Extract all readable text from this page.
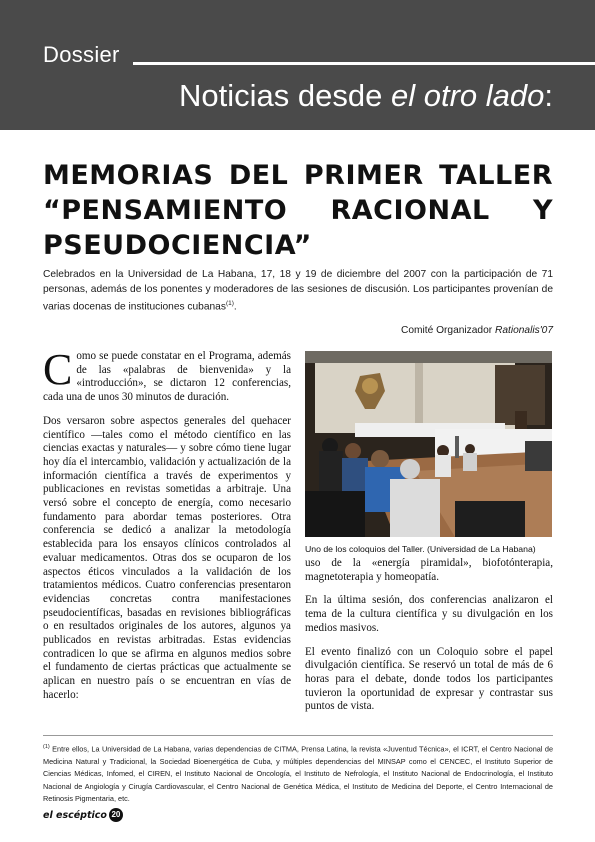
Dossier
Noticias desde el otro lado:
MEMORIAS DEL PRIMER TALLER
“PENSAMIENTO RACIONAL Y
PSEUDOCIENCIA”
Celebrados en la Universidad de La Habana, 17, 18 y 19 de diciembre del 2007 con la participación de 71 personas, además de los ponentes y moderadores de las sesiones de discusión. Los participantes provenían de varias docenas de instituciones cubanas$^{(1)}$.
Comité Organizador Rationalis'07

Como se puede constatar en el Programa, además de las «palabras de bienvenida» y la «introducción», se dictaron 12 conferencias, cada una de unos 30 minutos de duración.

Dos versaron sobre aspectos generales del quehacer científico —tales como el método científico en las ciencias exactas y naturales— y sobre cómo tiene lugar hoy día el intercambio, validación y actualización de la información científica a través de experimentos y publicaciones en revistas sometidas a arbitraje. Una versó sobre el concepto de energía, como necesario fundamento para abordar temas posteriores. Otra conferencia se dedicó a analizar la metodología establecida para los ensayos clínicos controlados al evaluar medicamentos. Otras dos se ocuparon de los aspectos éticos vinculados a la validación de los tratamientos médicos. Cuatro conferencias presentaron evidencias concretas contra manifestaciones pseudocientíficas, basadas en revisiones bibliográficas o en resultados originales de los autores, algunos ya publicados en revistas arbitradas. Estas evidencias contradicen lo que se afirma en algunos medios sobre el fundamento de ciertas prácticas que actualmente se aplican en nuestro país o se encuentran en vías de hacerlo:

Uno de los coloquios del Taller. (Universidad de La Habana)

uso de la «energía piramidal», biofotónterapia, magnetoterapia y homeopatía.

En la última sesión, dos conferencias analizaron el tema de la cultura científica y su divulgación en los medios masivos.

El evento finalizó con un Coloquio sobre el papel divulgación científica. Se reservó un total de más de 6 horas para el debate, donde todos los participantes tuvieron la oportunidad de expresar y contrastar sus puntos de vista.

$^{(1)}$ Entre ellos, La Universidad de La Habana, varias dependencias de CITMA, Prensa Latina, la revista «Juventud Técnica», el ICRT, el Centro Nacional de Medicina Natural y Tradicional, la Sociedad Bioenergética de Cuba, y múltiples dependencias del MINSAP como el CENCEC, el Instituto Superior de Ciencias Médicas, Infomed, el CIREN, el Instituto Nacional de Oncología, el Instituto de Nefrología, el Instituto Nacional de Endocrinología, el Instituto Nacional de Angiología y Cirugía Cardiovascular, el Centro Nacional de Genética Médica, el Instituto de Medicina del Deporte, el Centro Internacional de Retinosis Pigmentaria, etc.
el escéptico 20
